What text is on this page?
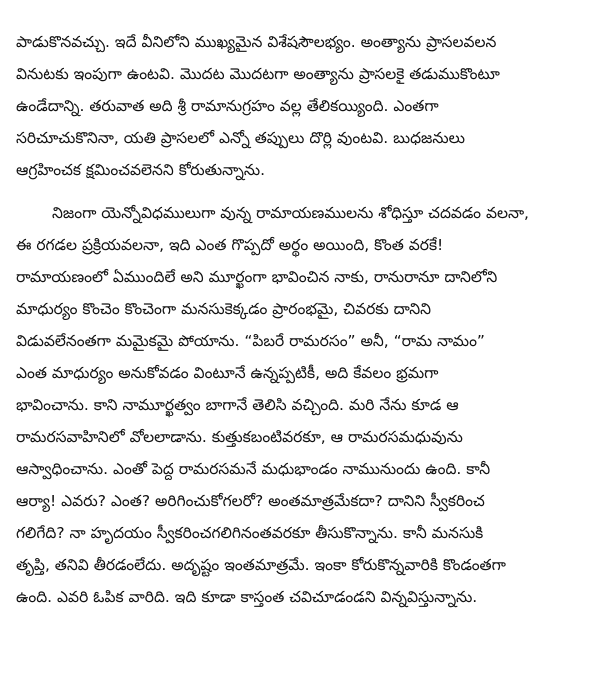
పాడుకొనవచ్చు. ఇదే వీనిలోని ముఖ్యమైన విశేషసౌలభ్యం. అంత్యాను ప్రాసలవలన
వినుటకు ఇంపుగా ఉంటవి. మొదట మొదటగా అంత్యాను ప్రాసలకై తడుముకొంటూ
ఉండేదాన్ని. తరువాత అది శ్రీ రామానుగ్రహం వల్ల తేలికయ్యింది. ఎంతగా
సరిచూచుకొనినా, యతి ప్రాసలలో ఎన్నో తప్పులు దొర్లి వుంటవి. బుధజనులు
ఆగ్రహించక క్షమించవలెనని కోరుతున్నాను.

నిజంగా యెన్నోవిధములుగా వున్న రామాయణములను శోధిస్తూ చదవడం వలనా,
ఈ రగడల ప్రక్రియవలనా, ఇది ఎంత గొప్పదో అర్థం అయింది, కొంత వరకే!
రామాయణంలో ఏముందిలే అని మూర్ఖంగా భావించిన నాకు, రానురానూ దానిలోని
మాధుర్యం కొంచెం కొంచెంగా మనసుకెక్కడం ప్రారంభమై, చివరకు దానిని
విడువలేనంతగా మమైకమై పోయాను. “పిబరే రామరసం” అనీ, “రామ నామం”
ఎంత మాధుర్యం అనుకోవడం వింటూనే ఉన్నప్పటికీ, అది కేవలం భ్రమగా
భావించాను. కాని నామూర్ఖత్వం బాగానే తెలిసి వచ్చింది. మరి నేను కూడ ఆ
రామరసవాహినిలో వోలలాడాను. కుత్తుకబంటివరకూ, ఆ రామరసమధువును
ఆస్వాధించాను. ఎంతో పెద్ద రామరసమనే మధుభాండం నామునుందు ఉంది. కానీ
ఆర్యా! ఎవరు? ఎంత? అరిగించుకోగలరో? అంతమాత్రమేకదా? దానిని స్వీకరించ
గలిగేది? నా హృదయం స్వీకరించగలిగినంతవరకూ తీసుకొన్నాను. కానీ మనసుకి
తృప్తి, తనివి తీరడంలేదు. అదృష్టం ఇంతమాత్రమే. ఇంకా కోరుకొన్నవారికి కొండంతగా
ఉంది. ఎవరి ఓపిక వారిది. ఇది కూడా కాస్తంత చవిచూడండని విన్నవిస్తున్నాను.
